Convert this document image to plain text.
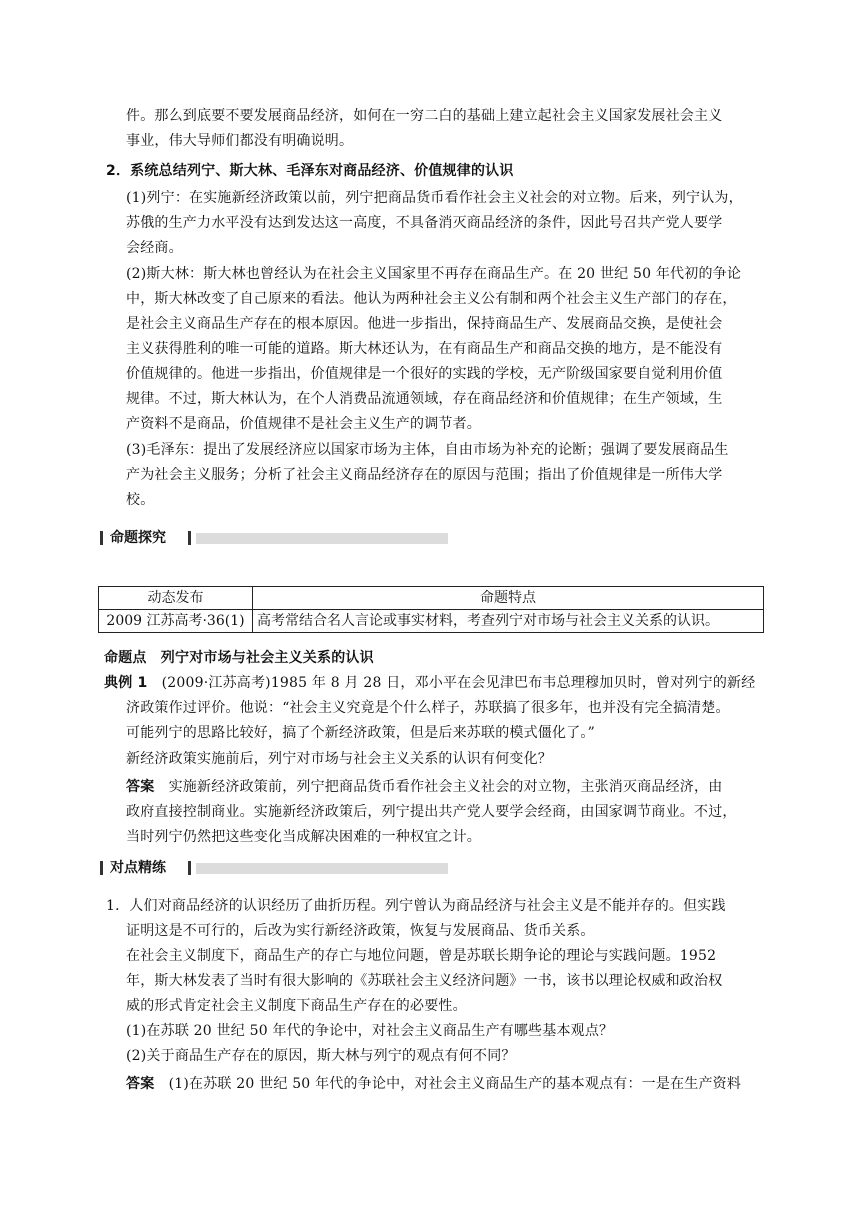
件。那么到底要不要发展商品经济，如何在一穷二白的基础上建立起社会主义国家发展社会主义
事业，伟大导师们都没有明确说明。
2．系统总结列宁、斯大林、毛泽东对商品经济、价值规律的认识
(1)列宁：在实施新经济政策以前，列宁把商品货币看作社会主义社会的对立物。后来，列宁认为，
苏俄的生产力水平没有达到发达这一高度，不具备消灭商品经济的条件，因此号召共产党人要学
会经商。
(2)斯大林：斯大林也曾经认为在社会主义国家里不再存在商品生产。在 20 世纪 50 年代初的争论
中，斯大林改变了自己原来的看法。他认为两种社会主义公有制和两个社会主义生产部门的存在，
是社会主义商品生产存在的根本原因。他进一步指出，保持商品生产、发展商品交换，是使社会
主义获得胜利的唯一可能的道路。斯大林还认为，在有商品生产和商品交换的地方，是不能没有
价值规律的。他进一步指出，价值规律是一个很好的实践的学校，无产阶级国家要自觉利用价值
规律。不过，斯大林认为，在个人消费品流通领域，存在商品经济和价值规律；在生产领域，生
产资料不是商品，价值规律不是社会主义生产的调节者。
(3)毛泽东：提出了发展经济应以国家市场为主体，自由市场为补充的论断；强调了要发展商品生
产为社会主义服务；分析了社会主义商品经济存在的原因与范围；指出了价值规律是一所伟大学
校。
命题探究
动态发布	命题特点
2009 江苏高考·36(1)	高考常结合名人言论或事实材料，考查列宁对市场与社会主义关系的认识。
命题点　列宁对市场与社会主义关系的认识
典例 1　(2009·江苏高考)1985 年 8 月 28 日，邓小平在会见津巴布韦总理穆加贝时，曾对列宁的新经
济政策作过评价。他说：“社会主义究竟是个什么样子，苏联搞了很多年，也并没有完全搞清楚。
可能列宁的思路比较好，搞了个新经济政策，但是后来苏联的模式僵化了。”
新经济政策实施前后，列宁对市场与社会主义关系的认识有何变化？
答案　实施新经济政策前，列宁把商品货币看作社会主义社会的对立物，主张消灭商品经济，由
政府直接控制商业。实施新经济政策后，列宁提出共产党人要学会经商，由国家调节商业。不过，
当时列宁仍然把这些变化当成解决困难的一种权宜之计。
对点精练
1．人们对商品经济的认识经历了曲折历程。列宁曾认为商品经济与社会主义是不能并存的。但实践
证明这是不可行的，后改为实行新经济政策，恢复与发展商品、货币关系。
在社会主义制度下，商品生产的存亡与地位问题，曾是苏联长期争论的理论与实践问题。1952
年，斯大林发表了当时有很大影响的《苏联社会主义经济问题》一书，该书以理论权威和政治权
威的形式肯定社会主义制度下商品生产存在的必要性。
(1)在苏联 20 世纪 50 年代的争论中，对社会主义商品生产有哪些基本观点？
(2)关于商品生产存在的原因，斯大林与列宁的观点有何不同？
答案　(1)在苏联 20 世纪 50 年代的争论中，对社会主义商品生产的基本观点有：一是在生产资料
